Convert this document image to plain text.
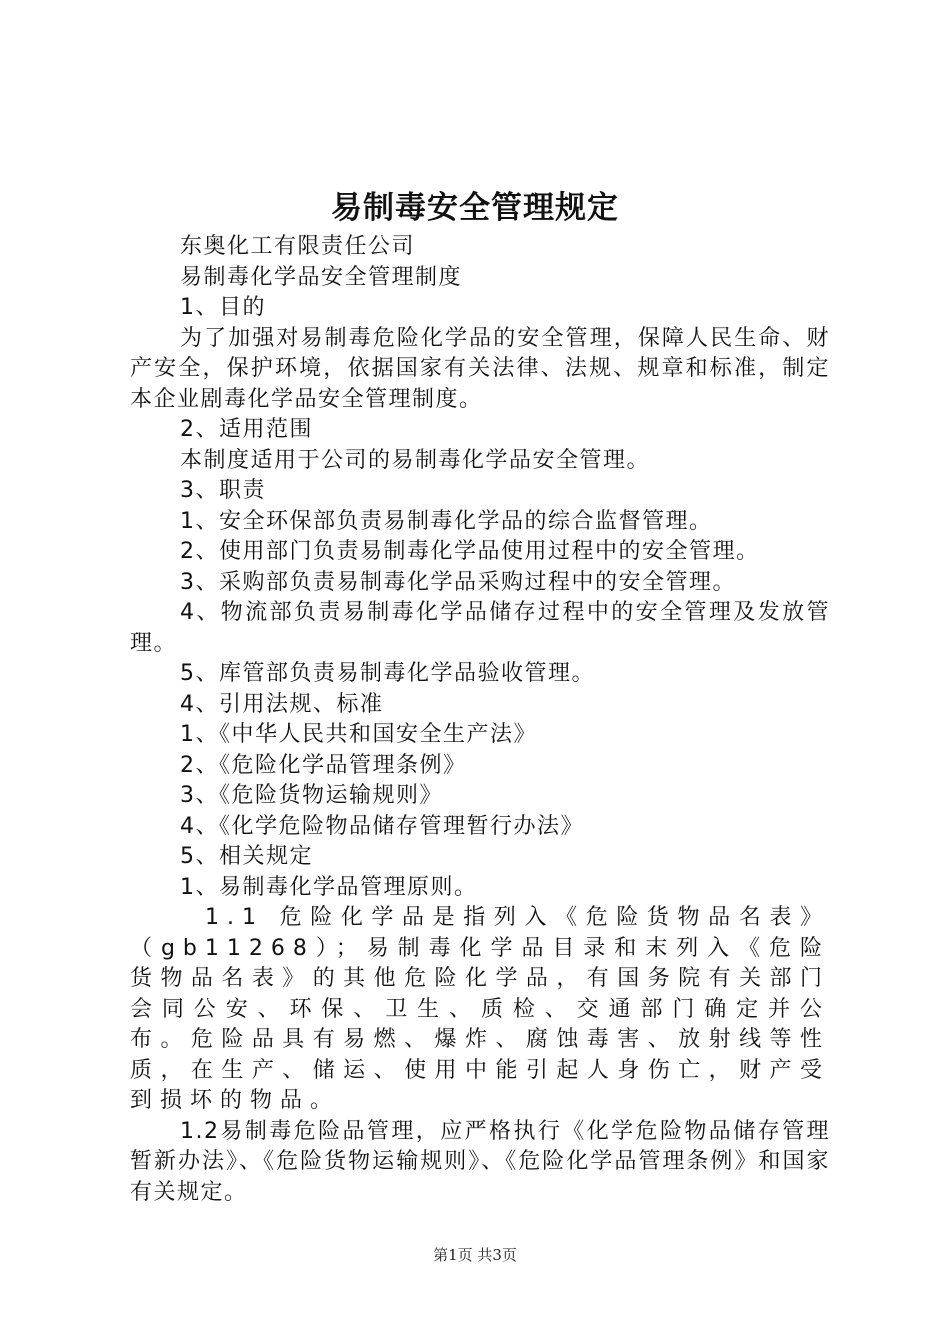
易制毒安全管理规定

东奥化工有限责任公司

易制毒化学品安全管理制度

1、目的

为了加强对易制毒危险化学品的安全管理，保障人民生命、财产安全，保护环境，依据国家有关法律、法规、规章和标准，制定本企业剧毒化学品安全管理制度。

2、适用范围

本制度适用于公司的易制毒化学品安全管理。

3、职责

1、安全环保部负责易制毒化学品的综合监督管理。

2、使用部门负责易制毒化学品使用过程中的安全管理。

3、采购部负责易制毒化学品采购过程中的安全管理。

4、物流部负责易制毒化学品储存过程中的安全管理及发放管理。

5、库管部负责易制毒化学品验收管理。

4、引用法规、标准

1、《中华人民共和国安全生产法》

2、《危险化学品管理条例》

3、《危险货物运输规则》

4、《化学危险物品储存管理暂行办法》

5、相关规定

1、易制毒化学品管理原则。

1.1 危险化学品是指列入《危险货物品名表》（gb11268）；易制毒化学品目录和末列入《危险货物品名表》的其他危险化学品，有国务院有关部门会同公安、环保、卫生、质检、交通部门确定并公布。危险品具有易燃、爆炸、腐蚀毒害、放射线等性质，在生产、储运、使用中能引起人身伤亡，财产受到损坏的物品。

1.2易制毒危险品管理，应严格执行《化学危险物品储存管理暂新办法》、《危险货物运输规则》、《危险化学品管理条例》和国家有关规定。

第1页 共3页
